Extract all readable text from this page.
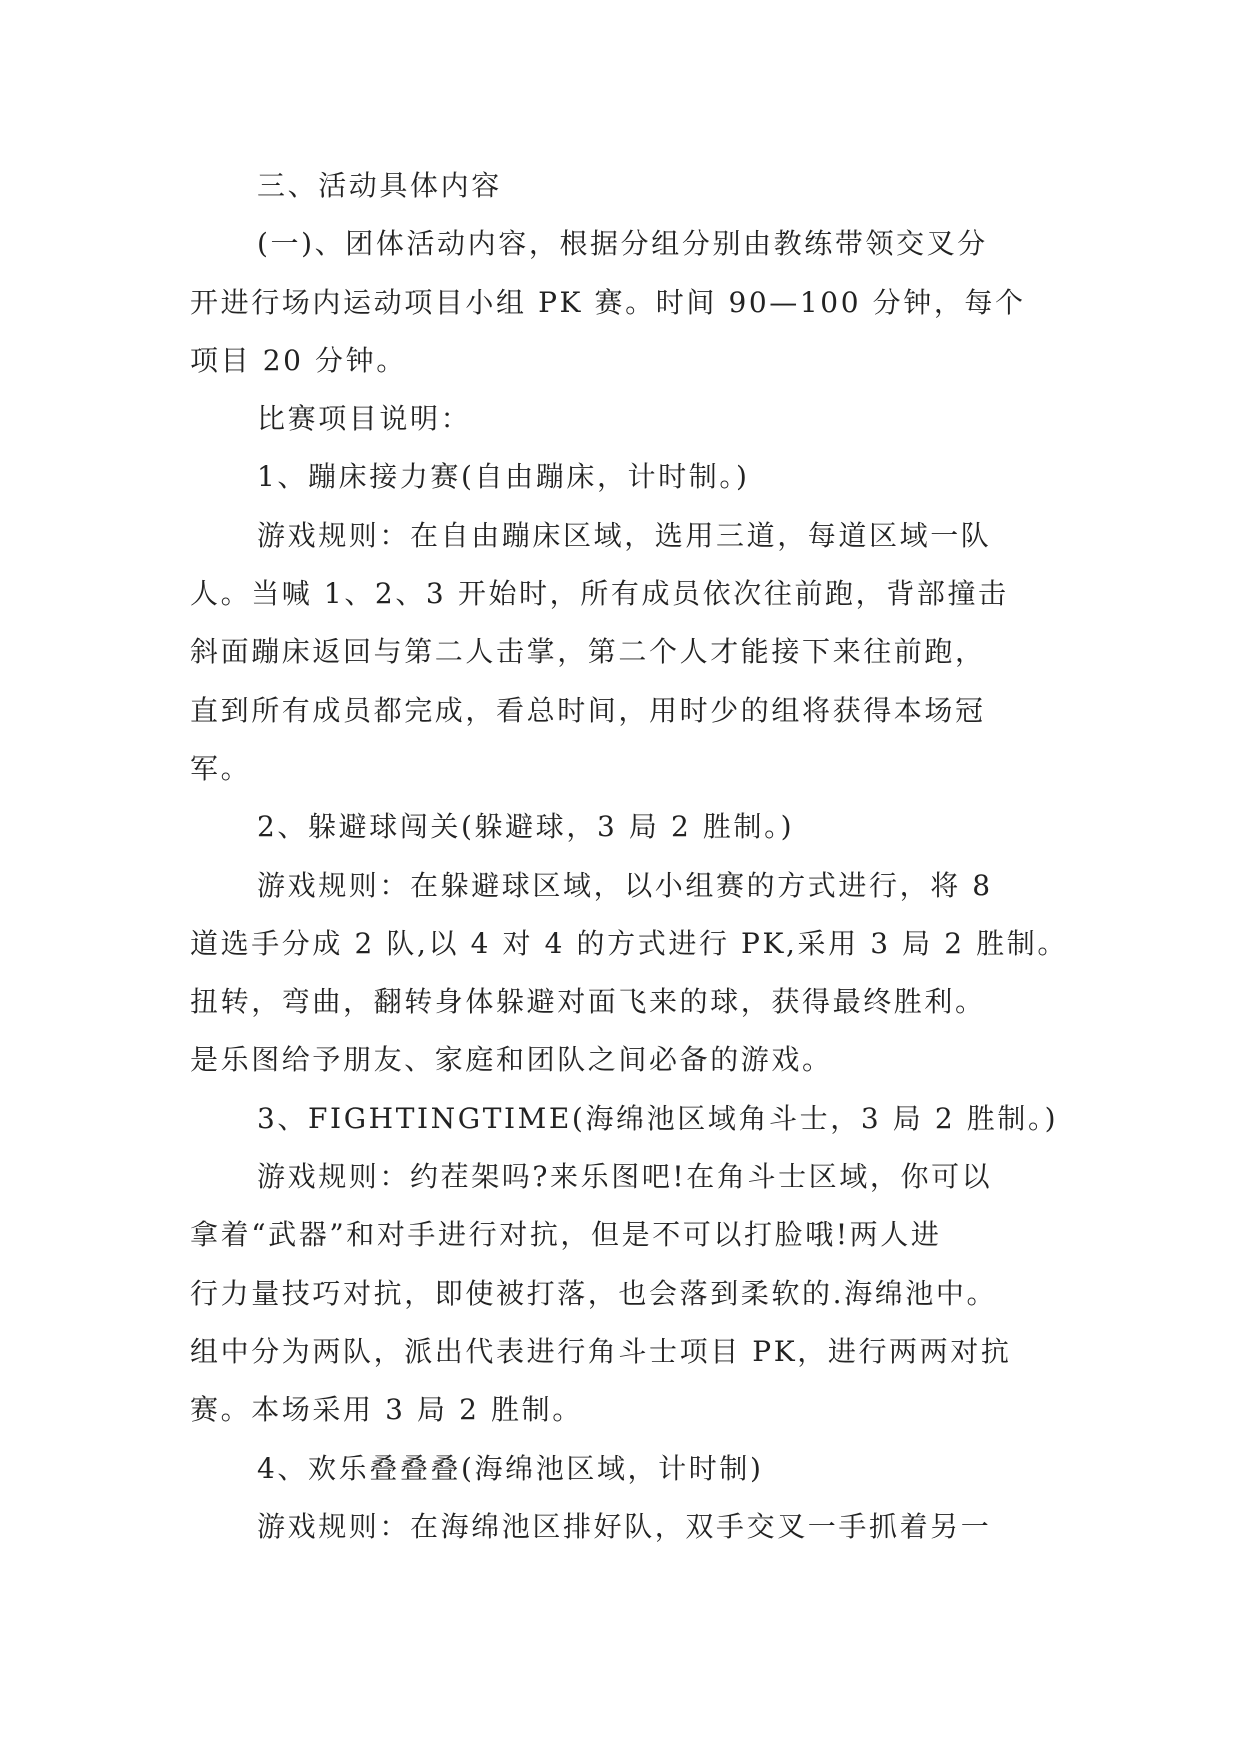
三、活动具体内容

(一)、团体活动内容，根据分组分别由教练带领交叉分

开进行场内运动项目小组 PK 赛。时间 90—100 分钟，每个

项目 20 分钟。

比赛项目说明：

1、蹦床接力赛(自由蹦床，计时制。)

游戏规则：在自由蹦床区域，选用三道，每道区域一队

人。当喊 1、2、3 开始时，所有成员依次往前跑，背部撞击

斜面蹦床返回与第二人击掌，第二个人才能接下来往前跑，

直到所有成员都完成，看总时间，用时少的组将获得本场冠

军。

2、躲避球闯关(躲避球，3 局 2 胜制。)

游戏规则：在躲避球区域，以小组赛的方式进行，将 8

道选手分成 2 队,以 4 对 4 的方式进行 PK,采用 3 局 2 胜制。

扭转，弯曲，翻转身体躲避对面飞来的球，获得最终胜利。

是乐图给予朋友、家庭和团队之间必备的游戏。

3、FIGHTINGTIME(海绵池区域角斗士，3 局 2 胜制。)

游戏规则：约茬架吗?来乐图吧!在角斗士区域，你可以

拿着“武器”和对手进行对抗，但是不可以打脸哦!两人进

行力量技巧对抗，即使被打落，也会落到柔软的.海绵池中。

组中分为两队，派出代表进行角斗士项目 PK，进行两两对抗

赛。本场采用 3 局 2 胜制。

4、欢乐叠叠叠(海绵池区域，计时制)

游戏规则：在海绵池区排好队，双手交叉一手抓着另一
